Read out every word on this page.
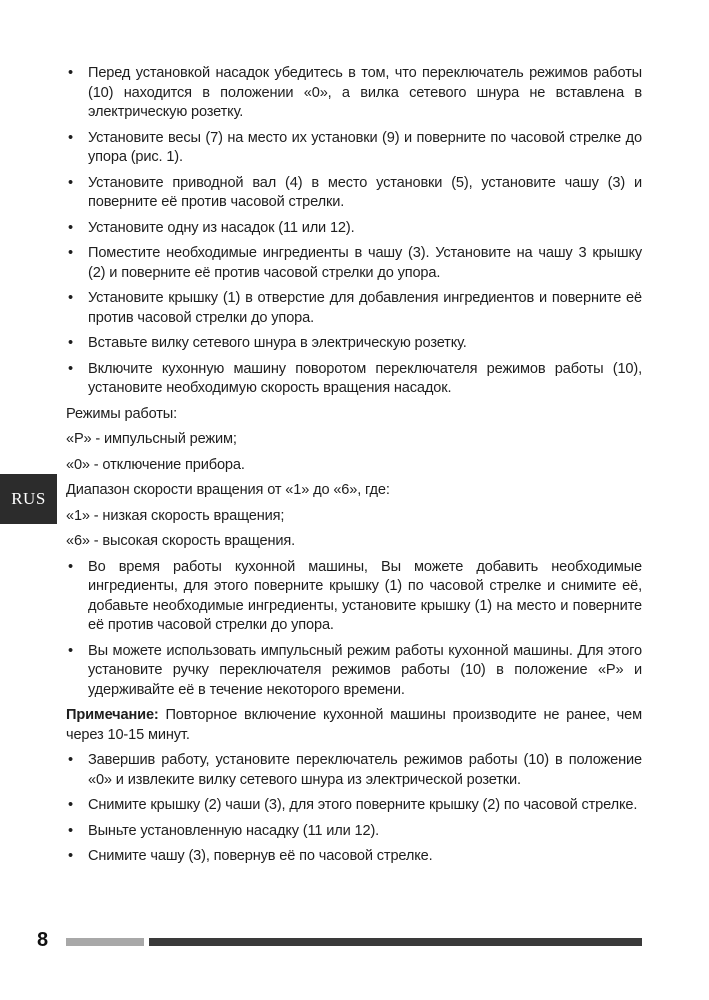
• Перед установкой насадок убедитесь в том, что переключатель режимов работы (10) находится в положении «0», а вилка сетевого шнура не вставлена в электрическую розетку.
• Установите весы (7) на место их установки (9) и поверните по часовой стрелке до упора (рис. 1).
• Установите приводной вал (4) в место установки (5), установите чашу (3) и поверните её против часовой стрелки.
• Установите одну из насадок (11 или 12).
• Поместите необходимые ингредиенты в чашу (3). Установите на чашу 3 крышку (2) и поверните её против часовой стрелки до упора.
• Установите крышку (1) в отверстие для добавления ингредиентов и поверните её против часовой стрелки до упора.
• Вставьте вилку сетевого шнура в электрическую розетку.
• Включите кухонную машину поворотом переключателя режимов работы (10), установите необходимую скорость вращения насадок.

Режимы работы:

«P» - импульсный режим;

«0» - отключение прибора.

Диапазон скорости вращения от «1» до «6», где:

«1» - низкая скорость вращения;

«6» - высокая скорость вращения.

• Во время работы кухонной машины, Вы можете добавить необходимые ингредиенты, для этого поверните крышку (1) по часовой стрелке и снимите её, добавьте необходимые ингредиенты, установите крышку (1) на место и поверните её против часовой стрелки до упора.
• Вы можете использовать импульсный режим работы кухонной машины. Для этого установите ручку переключателя режимов работы (10) в положение «P» и удерживайте её в течение некоторого времени.

Примечание: Повторное включение кухонной машины производите не ранее, чем через 10-15 минут.

• Завершив работу, установите переключатель режимов работы (10) в положение «0» и извлеките вилку сетевого шнура из электрической розетки.
• Снимите крышку (2) чаши (3), для этого поверните крышку (2) по часовой стрелке.
• Выньте установленную насадку (11 или 12).
• Снимите чашу (3), повернув её по часовой стрелке.
RUS
8
